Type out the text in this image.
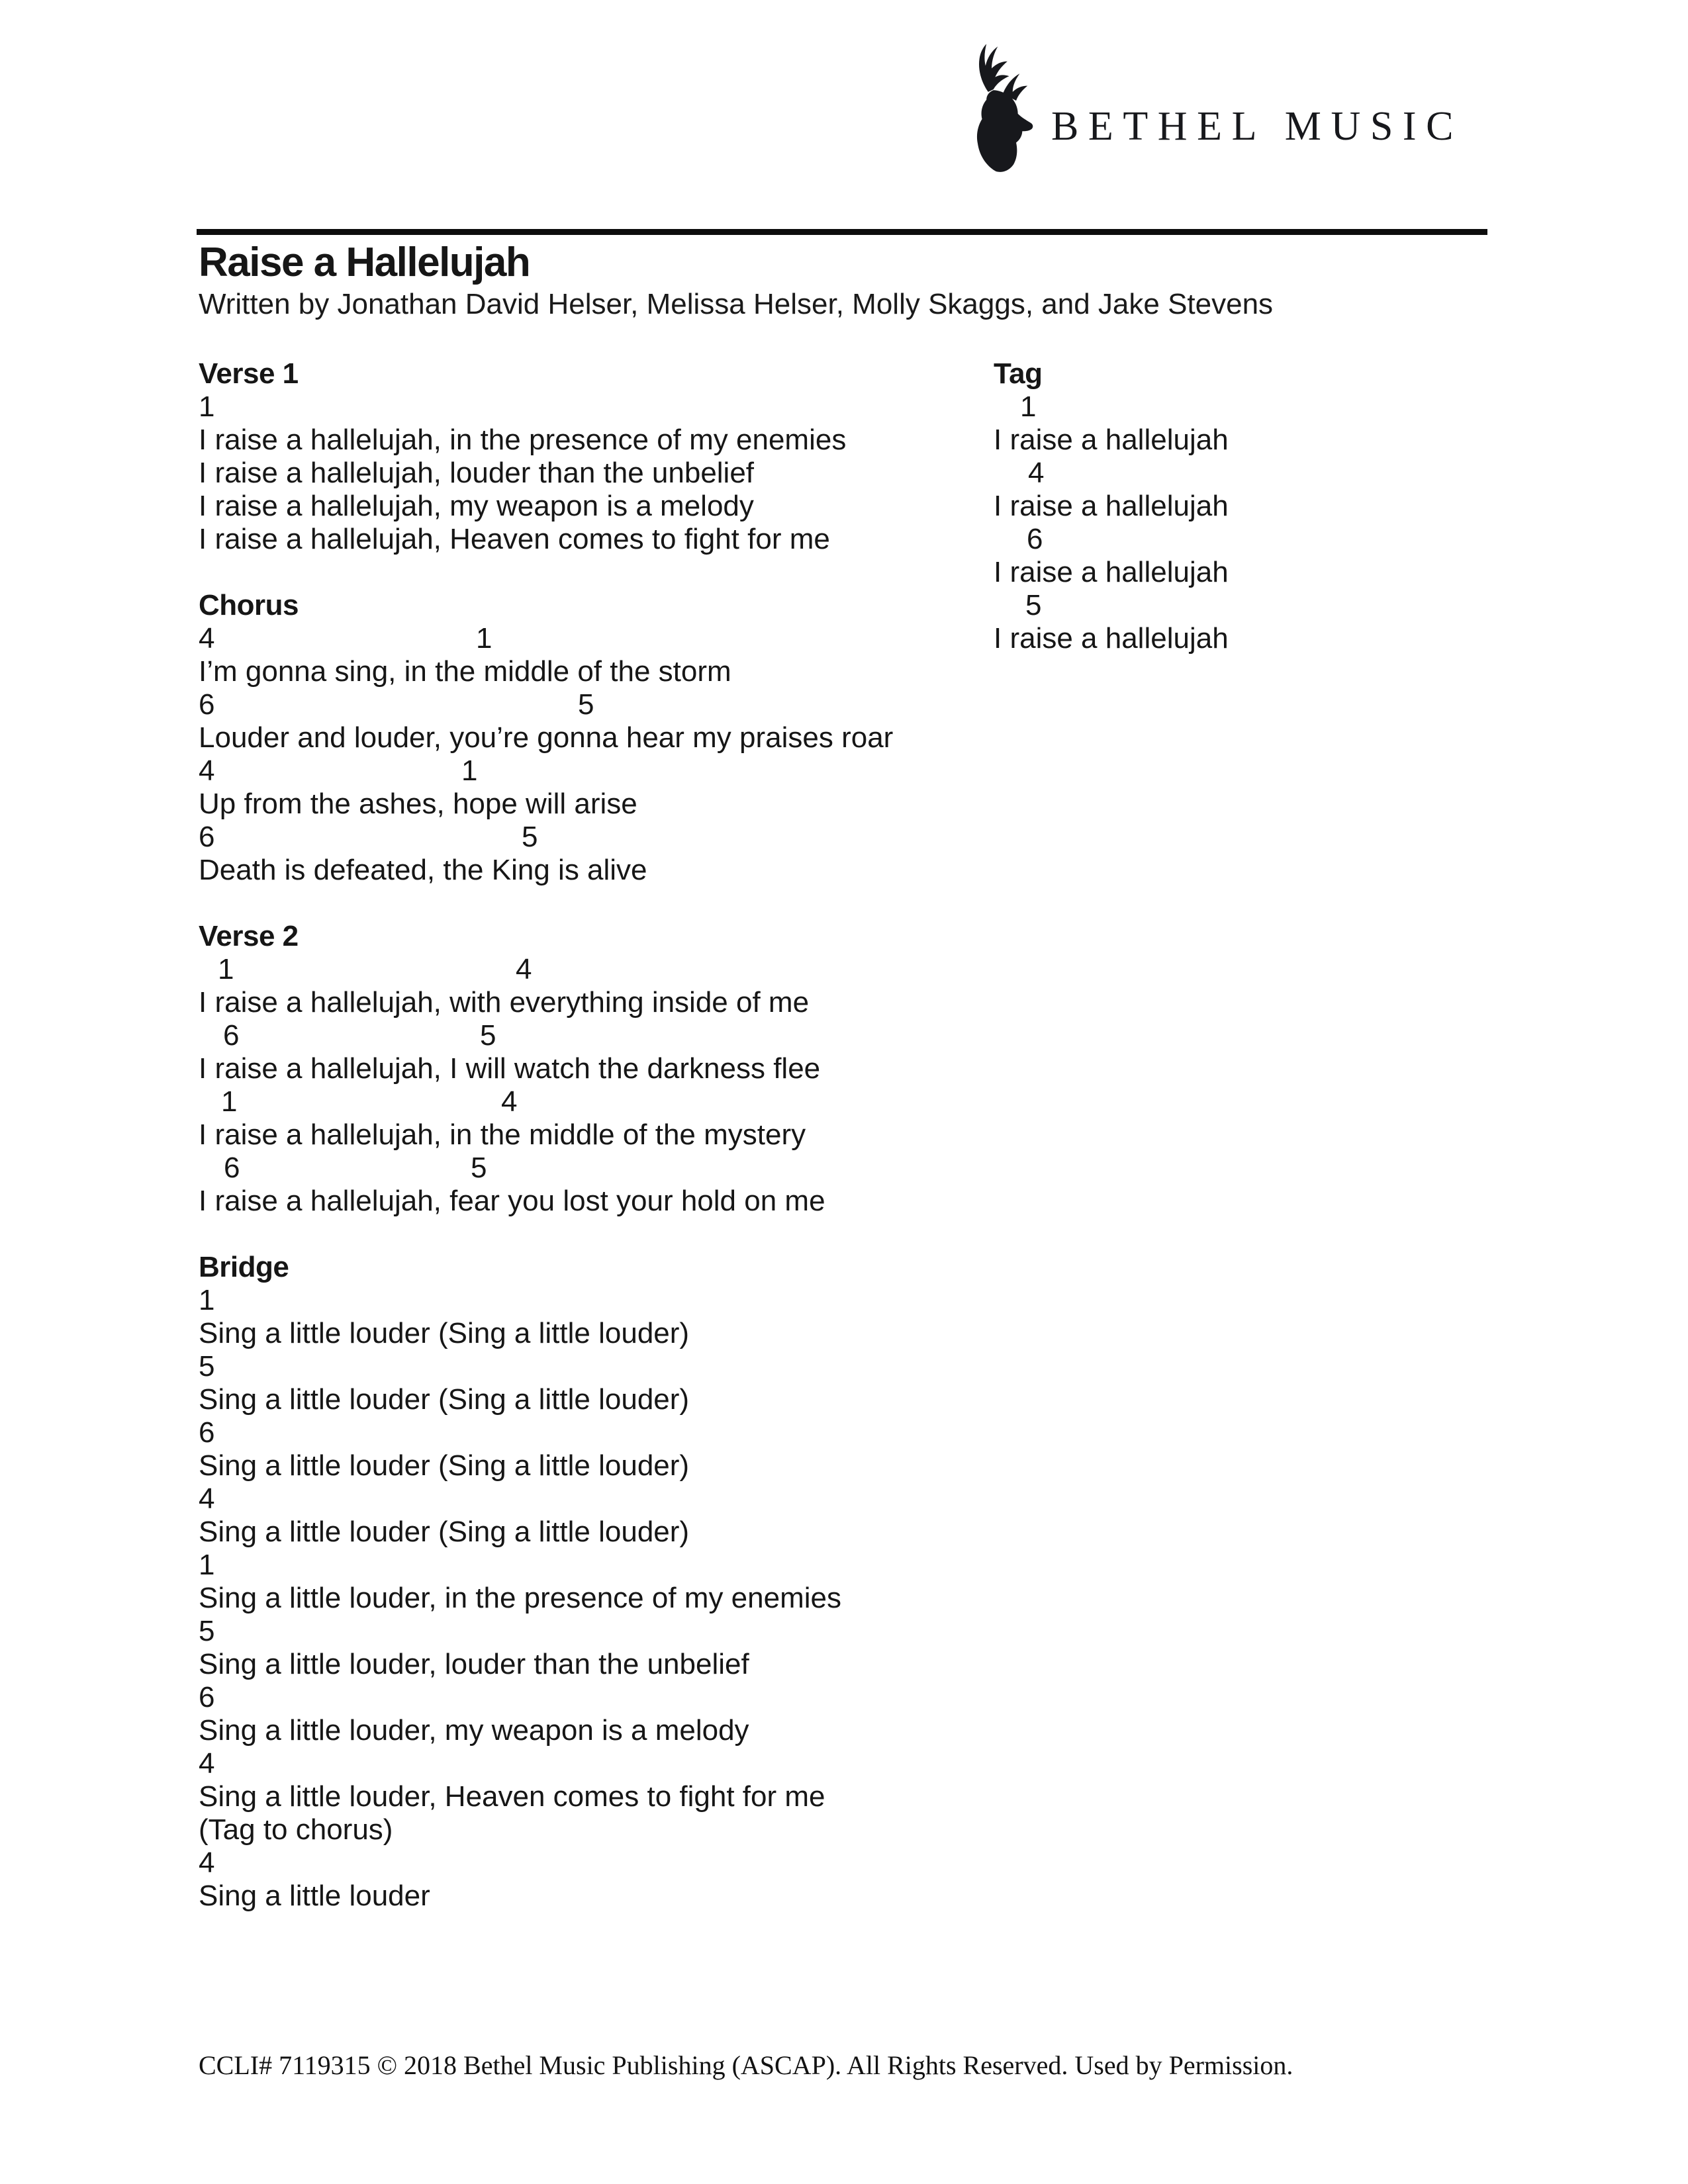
BETHEL MUSIC
Raise a Hallelujah
Written by Jonathan David Helser, Melissa Helser, Molly Skaggs, and Jake Stevens
Verse 1
1
I raise a hallelujah, in the presence of my enemies
I raise a hallelujah, louder than the unbelief
I raise a hallelujah, my weapon is a melody
I raise a hallelujah, Heaven comes to fight for me
Chorus
4	1
I’m gonna sing, in the middle of the storm
6	5
Louder and louder, you’re gonna hear my praises roar
4	1
Up from the ashes, hope will arise
6	5
Death is defeated, the King is alive
Verse 2
1	4
I raise a hallelujah, with everything inside of me
6	5
I raise a hallelujah, I will watch the darkness flee
1	4
I raise a hallelujah, in the middle of the mystery
6	5
I raise a hallelujah, fear you lost your hold on me
Bridge
1
Sing a little louder (Sing a little louder)
5
Sing a little louder (Sing a little louder)
6
Sing a little louder (Sing a little louder)
4
Sing a little louder (Sing a little louder)
1
Sing a little louder, in the presence of my enemies
5
Sing a little louder, louder than the unbelief
6
Sing a little louder, my weapon is a melody
4
Sing a little louder, Heaven comes to fight for me
(Tag to chorus)
4
Sing a little louder
Tag
1
I raise a hallelujah
4
I raise a hallelujah
6
I raise a hallelujah
5
I raise a hallelujah
CCLI# 7119315 © 2018 Bethel Music Publishing (ASCAP). All Rights Reserved. Used by Permission.
